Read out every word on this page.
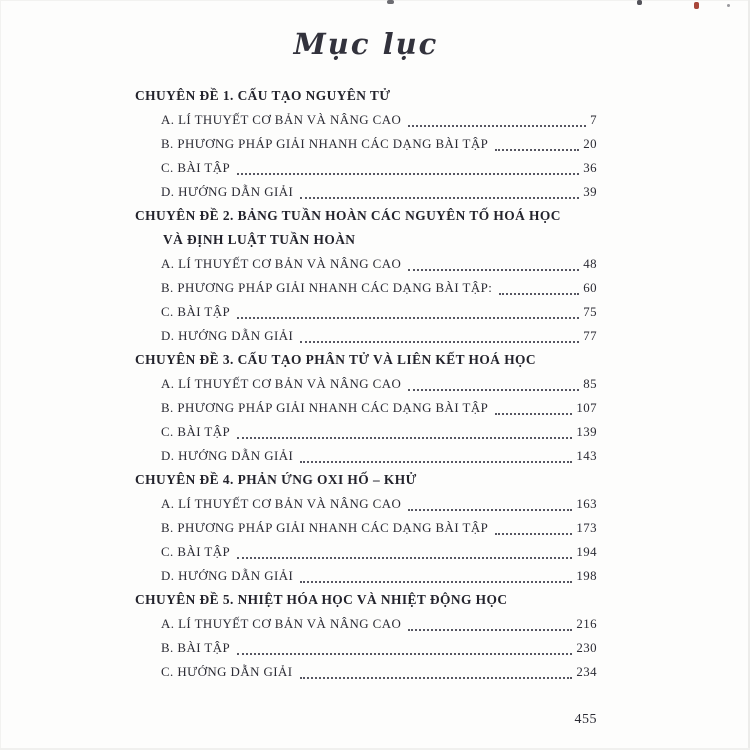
Mục lục
CHUYÊN ĐỀ 1. CẤU TẠO NGUYÊN TỬ
A. LÍ THUYẾT CƠ BẢN VÀ NÂNG CAO	7
B. PHƯƠNG PHÁP GIẢI NHANH CÁC DẠNG BÀI TẬP	20
C. BÀI TẬP	36
D. HƯỚNG DẪN GIẢI	39
CHUYÊN ĐỀ 2. BẢNG TUẦN HOÀN CÁC NGUYÊN TỐ HOÁ HỌC
VÀ ĐỊNH LUẬT TUẦN HOÀN
A. LÍ THUYẾT CƠ BẢN VÀ NÂNG CAO	48
B. PHƯƠNG PHÁP GIẢI NHANH CÁC DẠNG BÀI TẬP:	60
C. BÀI TẬP	75
D. HƯỚNG DẪN GIẢI	77
CHUYÊN ĐỀ 3. CẤU TẠO PHÂN TỬ VÀ LIÊN KẾT HOÁ HỌC
A. LÍ THUYẾT CƠ BẢN VÀ NÂNG CAO	85
B. PHƯƠNG PHÁP GIẢI NHANH CÁC DẠNG BÀI TẬP	107
C. BÀI TẬP	139
D. HƯỚNG DẪN GIẢI	143
CHUYÊN ĐỀ 4. PHẢN ỨNG OXI HỐ – KHỬ
A. LÍ THUYẾT CƠ BẢN VÀ NÂNG CAO	163
B. PHƯƠNG PHÁP GIẢI NHANH CÁC DẠNG BÀI TẬP	173
C. BÀI TẬP	194
D. HƯỚNG DẪN GIẢI	198
CHUYÊN ĐỀ 5. NHIỆT HÓA HỌC VÀ NHIỆT ĐỘNG HỌC
A. LÍ THUYẾT CƠ BẢN VÀ NÂNG CAO	216
B. BÀI TẬP	230
C. HƯỚNG DẪN GIẢI	234
455
